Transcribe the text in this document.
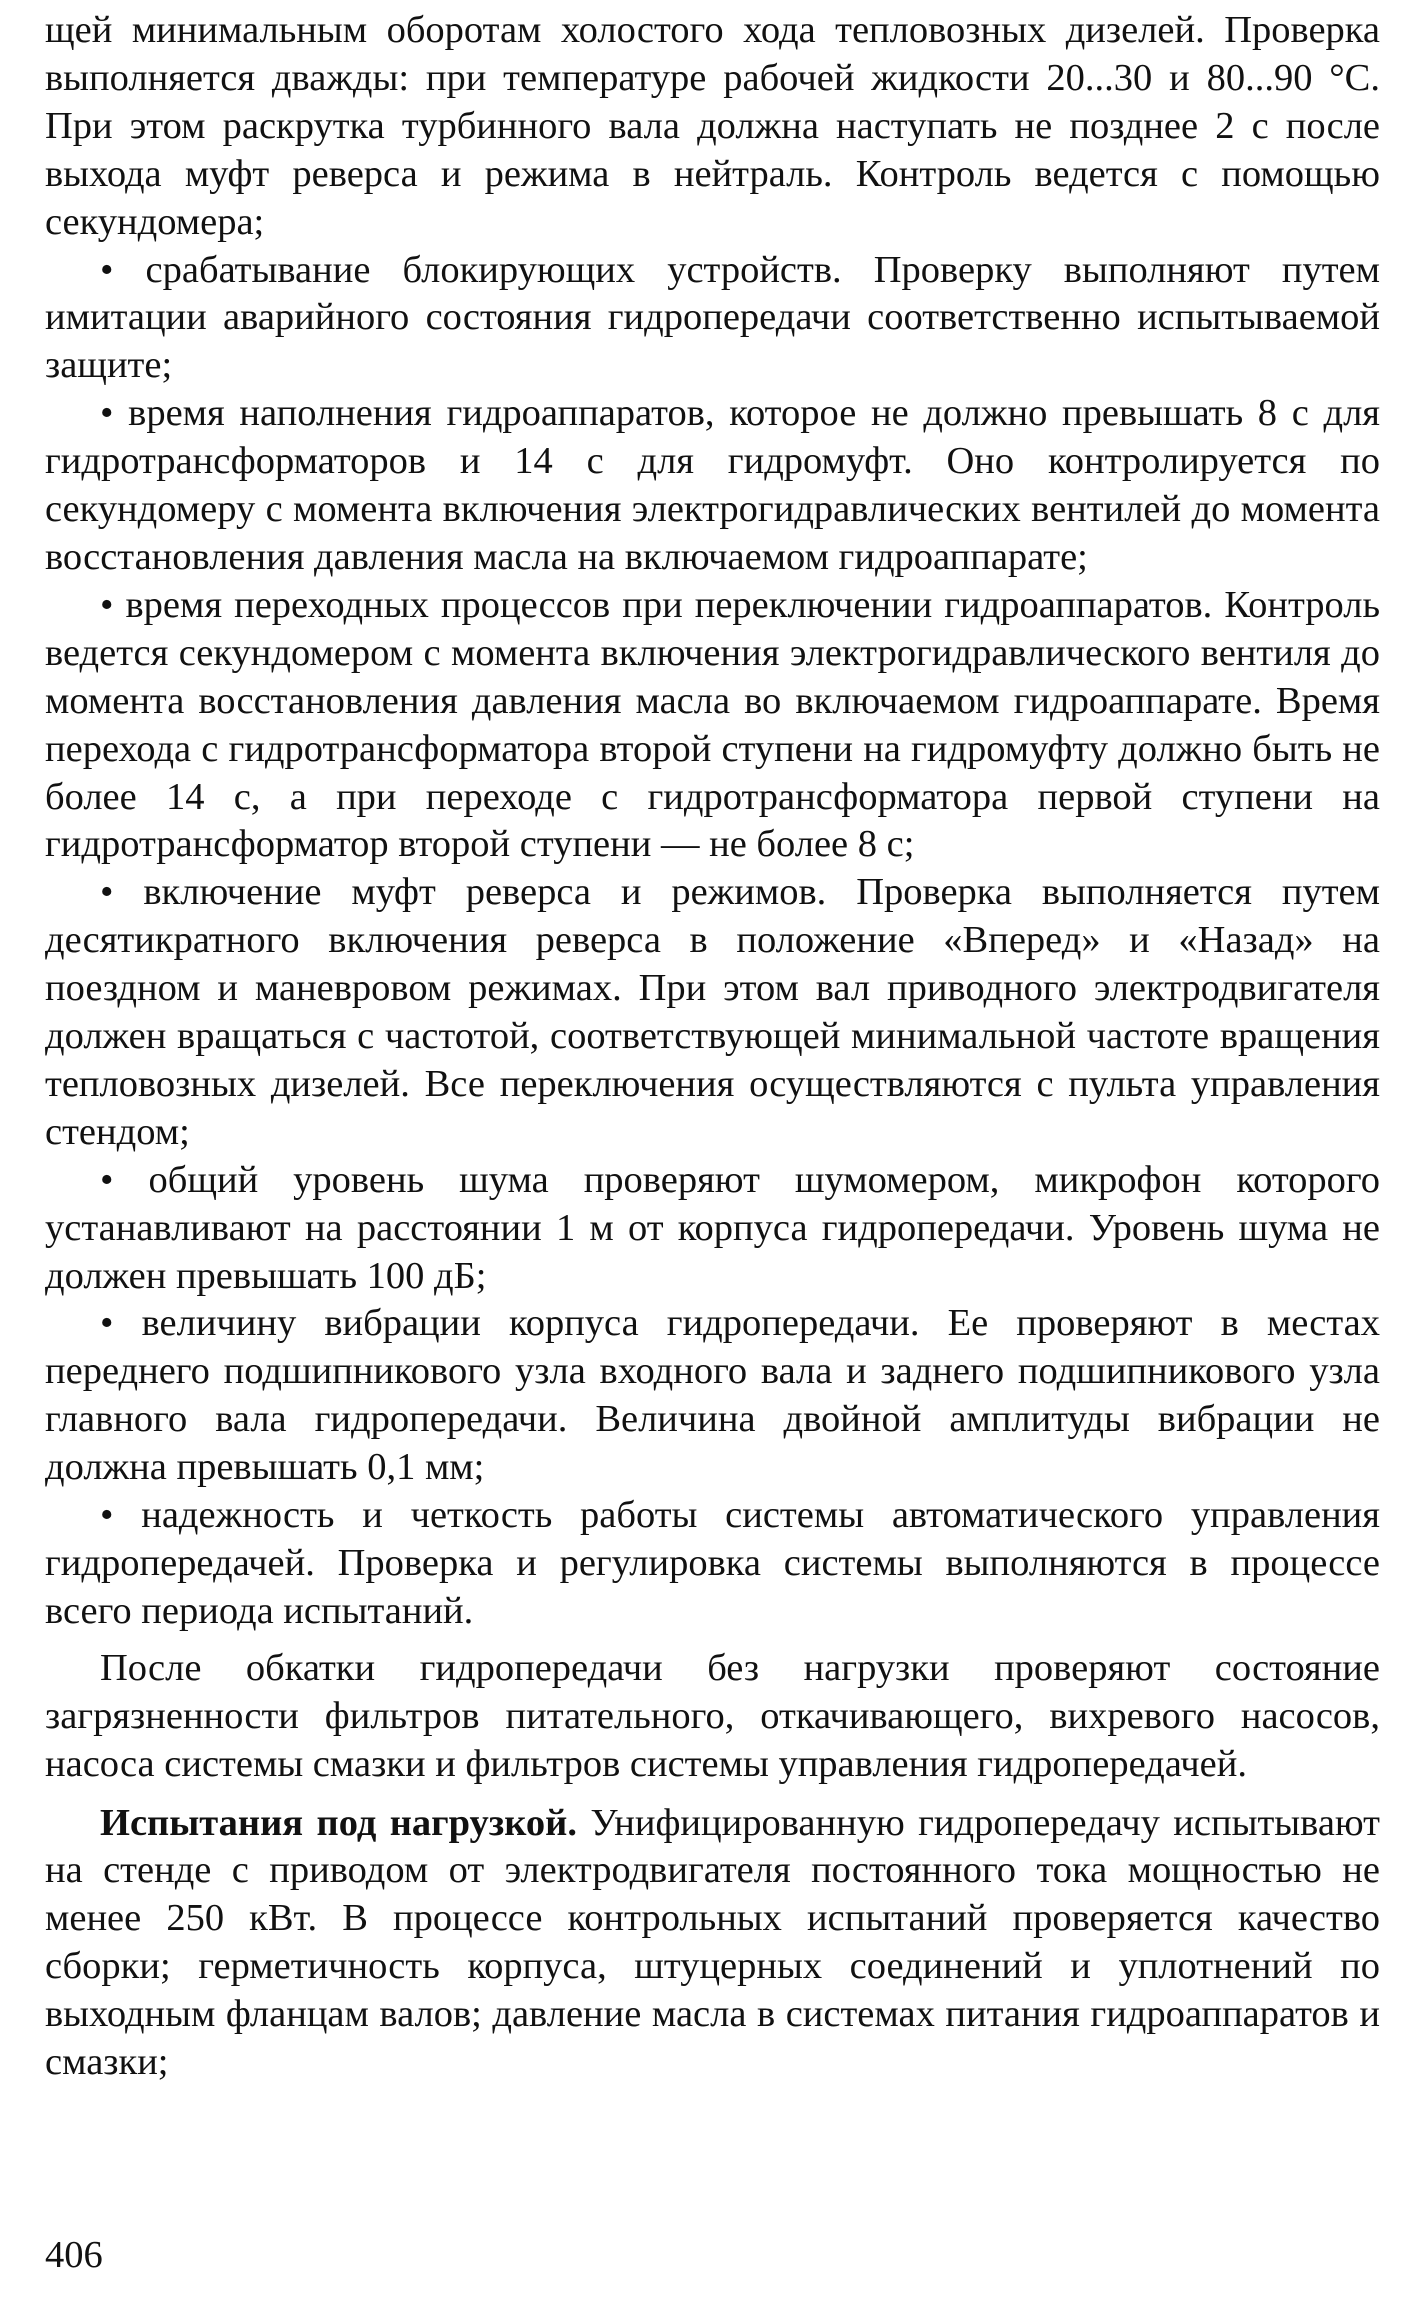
щей минимальным оборотам холостого хода тепловозных дизелей. Проверка выполняется дважды: при температуре рабочей жидкости 20...30 и 80...90 °С. При этом раскрутка турбинного вала должна наступать не позднее 2 с после выхода муфт реверса и режима в нейтраль. Контроль ведется с помощью секундомера;

• срабатывание блокирующих устройств. Проверку выполняют путем имитации аварийного состояния гидропередачи соответственно испытываемой защите;

• время наполнения гидроаппаратов, которое не должно превышать 8 с для гидротрансформаторов и 14 с для гидромуфт. Оно контролируется по секундомеру с момента включения электрогидравлических вентилей до момента восстановления давления масла на включаемом гидроаппарате;

• время переходных процессов при переключении гидроаппаратов. Контроль ведется секундомером с момента включения электрогидравлического вентиля до момента восстановления давления масла во включаемом гидроаппарате. Время перехода с гидротрансформатора второй ступени на гидромуфту должно быть не более 14 с, а при переходе с гидротрансформатора первой ступени на гидротрансформатор второй ступени — не более 8 с;

• включение муфт реверса и режимов. Проверка выполняется путем десятикратного включения реверса в положение «Вперед» и «Назад» на поездном и маневровом режимах. При этом вал приводного электродвигателя должен вращаться с частотой, соответствующей минимальной частоте вращения тепловозных дизелей. Все переключения осуществляются с пульта управления стендом;

• общий уровень шума проверяют шумомером, микрофон которого устанавливают на расстоянии 1 м от корпуса гидропередачи. Уровень шума не должен превышать 100 дБ;

• величину вибрации корпуса гидропередачи. Ее проверяют в местах переднего подшипникового узла входного вала и заднего подшипникового узла главного вала гидропередачи. Величина двойной амплитуды вибрации не должна превышать 0,1 мм;

• надежность и четкость работы системы автоматического управления гидропередачей. Проверка и регулировка системы выполняются в процессе всего периода испытаний.

После обкатки гидропередачи без нагрузки проверяют состояние загрязненности фильтров питательного, откачивающего, вихревого насосов, насоса системы смазки и фильтров системы управления гидропередачей.

Испытания под нагрузкой. Унифицированную гидропередачу испытывают на стенде с приводом от электродвигателя постоянного тока мощностью не менее 250 кВт. В процессе контрольных испытаний проверяется качество сборки; герметичность корпуса, штуцерных соединений и уплотнений по выходным фланцам валов; давление масла в системах питания гидроаппаратов и смазки;

406
